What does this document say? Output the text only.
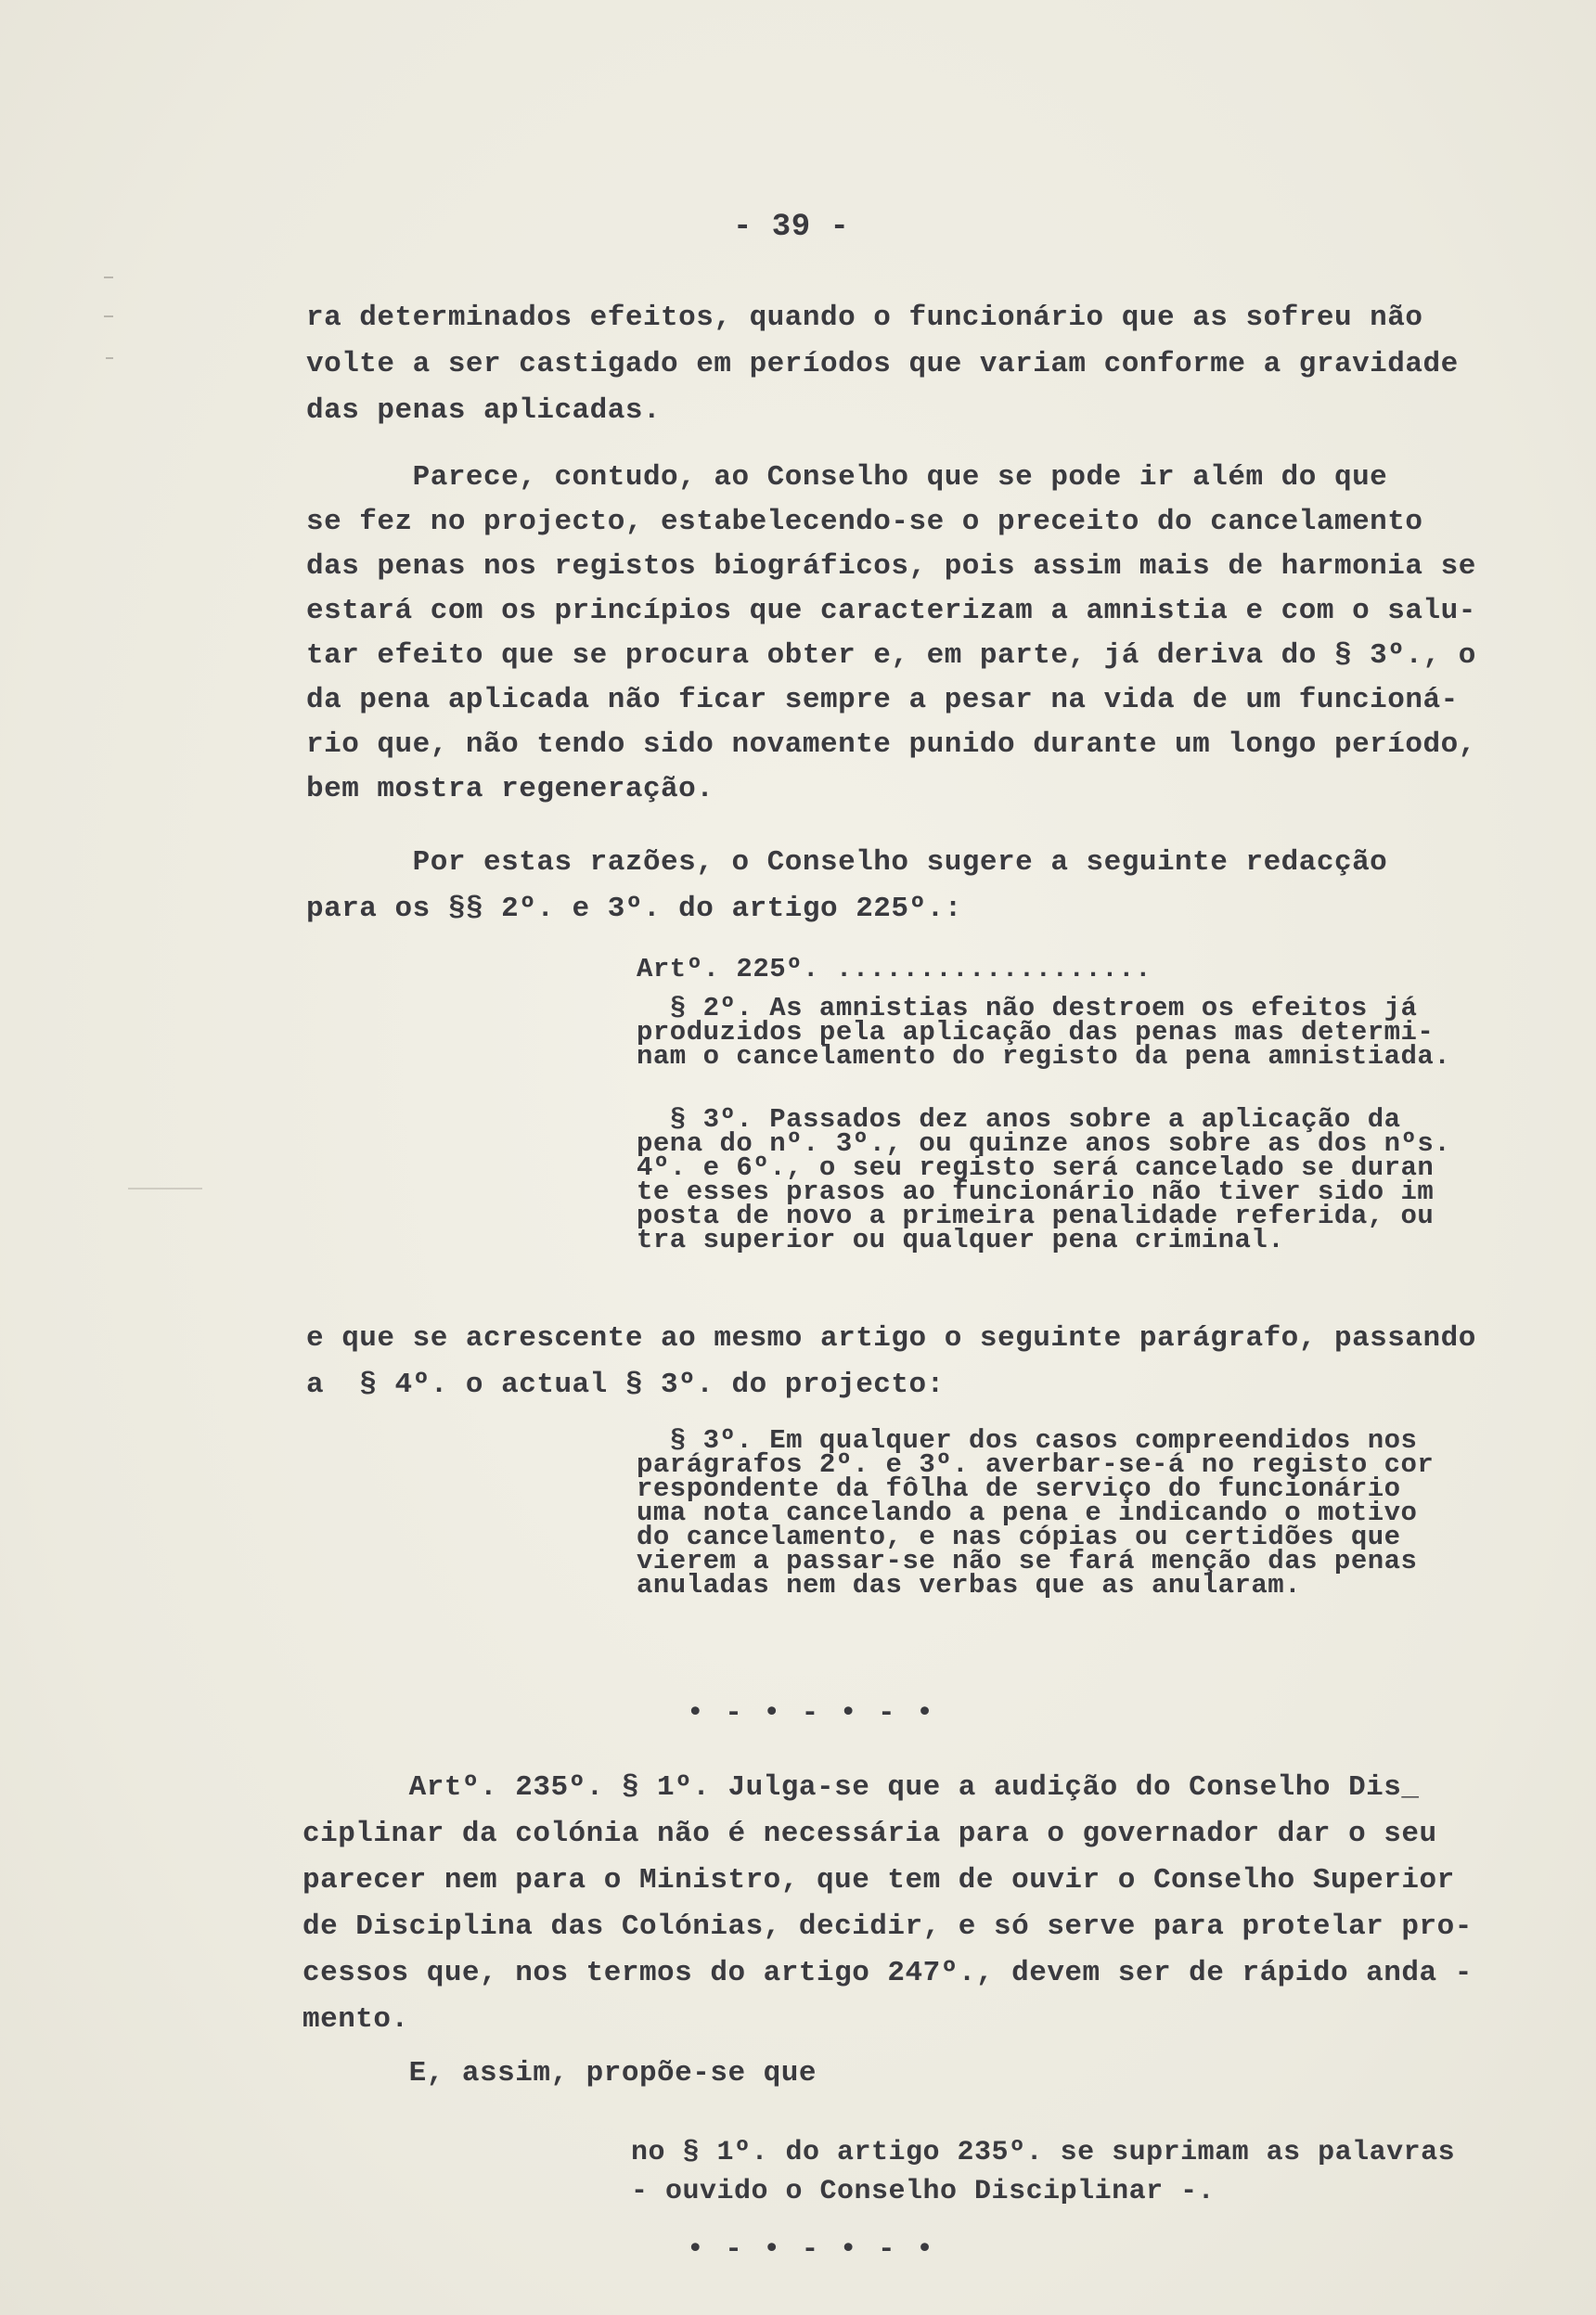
- 39 -
ra determinados efeitos, quando o funcionário que as sofreu não
volte a ser castigado em períodos que variam conforme a gravidade
das penas aplicadas.
Parece, contudo, ao Conselho que se pode ir além do que
se fez no projecto, estabelecendo-se o preceito do cancelamento
das penas nos registos biográficos, pois assim mais de harmonia se
estará com os princípios que caracterizam a amnistia e com o salu-
tar efeito que se procura obter e, em parte, já deriva do § 3º., o
da pena aplicada não ficar sempre a pesar na vida de um funcioná-
rio que, não tendo sido novamente punido durante um longo período,
bem mostra regeneração.
Por estas razões, o Conselho sugere a seguinte redacção
para os §§ 2º. e 3º. do artigo 225º.:
Artº. 225º. ...................
§ 2º. As amnistias não destroem os efeitos já
produzidos pela aplicação das penas mas determi-
nam o cancelamento do registo da pena amnistiada.
§ 3º. Passados dez anos sobre a aplicação da
pena do nº. 3º., ou quinze anos sobre as dos nºs.
4º. e 6º., o seu registo será cancelado se duran
te esses prasos ao funcionário não tiver sido im
posta de novo a primeira penalidade referida, ou
tra superior ou qualquer pena criminal.
e que se acrescente ao mesmo artigo o seguinte parágrafo, passando
a  § 4º. o actual § 3º. do projecto:
§ 3º. Em qualquer dos casos compreendidos nos
parágrafos 2º. e 3º. averbar-se-á no registo cor
respondente da fôlha de serviço do funcionário
uma nota cancelando a pena e indicando o motivo
do cancelamento, e nas cópias ou certidões que
vierem a passar-se não se fará menção das penas
anuladas nem das verbas que as anularam.
• - • - • - •
Artº. 235º. § 1º. Julga-se que a audição do Conselho Dis_
ciplinar da colónia não é necessária para o governador dar o seu
parecer nem para o Ministro, que tem de ouvir o Conselho Superior
de Disciplina das Colónias, decidir, e só serve para protelar pro-
cessos que, nos termos do artigo 247º., devem ser de rápido anda -
mento.
E, assim, propõe-se que
no § 1º. do artigo 235º. se suprimam as palavras
- ouvido o Conselho Disciplinar -.
• - • - • - •
